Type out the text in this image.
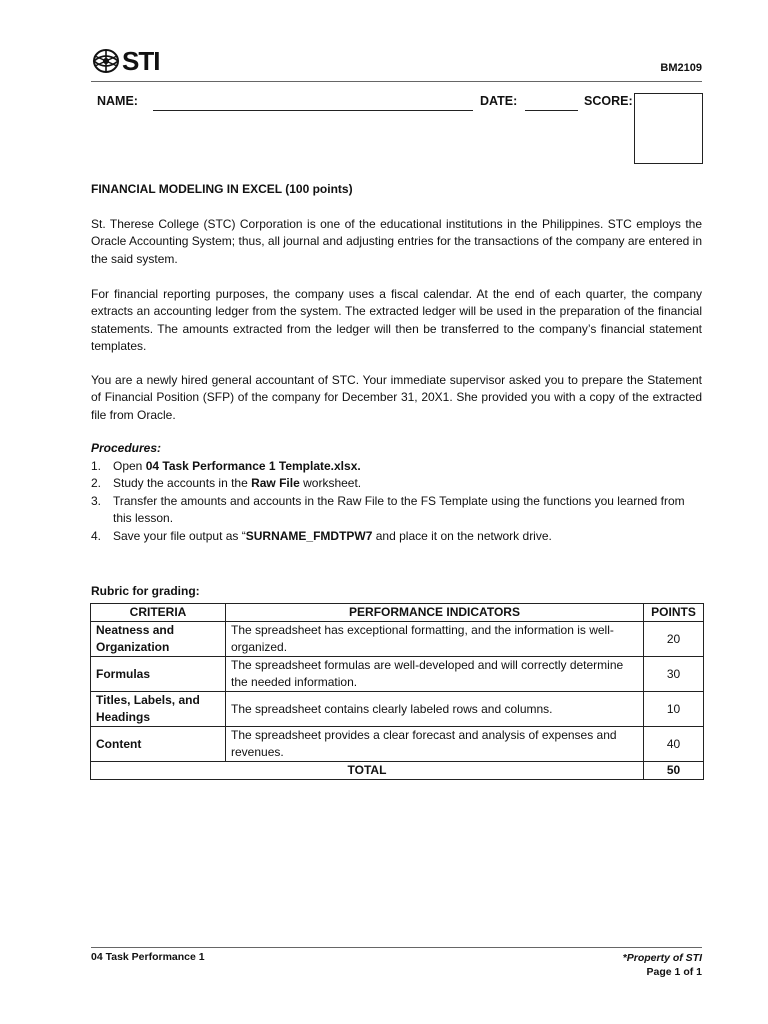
STI	BM2109
NAME:	DATE:	SCORE:
FINANCIAL MODELING IN EXCEL (100 points)
St. Therese College (STC) Corporation is one of the educational institutions in the Philippines. STC employs the Oracle Accounting System; thus, all journal and adjusting entries for the transactions of the company are entered in the said system.
For financial reporting purposes, the company uses a fiscal calendar. At the end of each quarter, the company extracts an accounting ledger from the system. The extracted ledger will be used in the preparation of the financial statements. The amounts extracted from the ledger will then be transferred to the company’s financial statement templates.
You are a newly hired general accountant of STC. Your immediate supervisor asked you to prepare the Statement of Financial Position (SFP) of the company for December 31, 20X1. She provided you with a copy of the extracted file from Oracle.
Procedures:
1. Open 04 Task Performance 1 Template.xlsx.
2. Study the accounts in the Raw File worksheet.
3. Transfer the amounts and accounts in the Raw File to the FS Template using the functions you learned from this lesson.
4. Save your file output as “SURNAME_FMDTPW7 and place it on the network drive.
Rubric for grading:
CRITERIA	PERFORMANCE INDICATORS	POINTS
Neatness and Organization	The spreadsheet has exceptional formatting, and the information is well-organized.	20
Formulas	The spreadsheet formulas are well-developed and will correctly determine the needed information.	30
Titles, Labels, and Headings	The spreadsheet contains clearly labeled rows and columns.	10
Content	The spreadsheet provides a clear forecast and analysis of expenses and revenues.	40
TOTAL		50
04 Task Performance 1	*Property of STI
Page 1 of 1
